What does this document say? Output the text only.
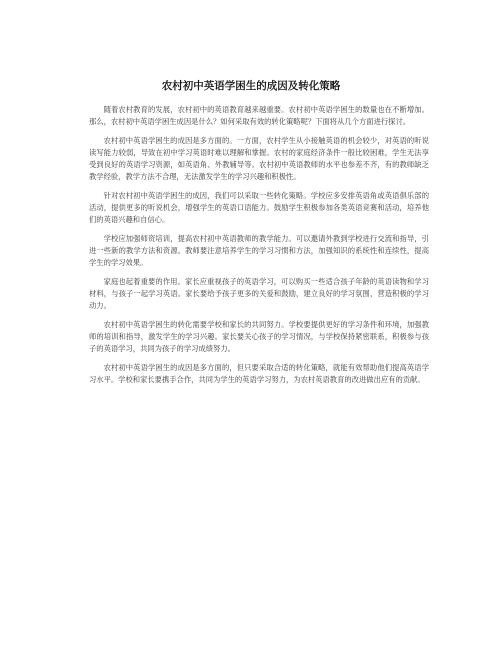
农村初中英语学困生的成因及转化策略

随着农村教育的发展，农村初中的英语教育越来越重要。农村初中英语学困生的数量也在不断增加。那么，农村初中英语学困生成因是什么？如何采取有效的转化策略呢？下面将从几个方面进行探讨。

农村初中英语学困生的成因是多方面的。一方面，农村学生从小接触英语的机会较少，对英语的听说读写能力较弱，导致在初中学习英语时难以理解和掌握。农村的家庭经济条件一般比较困难，学生无法享受到良好的英语学习资源，如英语角、外教辅导等。农村初中英语教师的水平也参差不齐，有的教师缺乏教学经验，教学方法不合理，无法激发学生的学习兴趣和积极性。

针对农村初中英语学困生的成因，我们可以采取一些转化策略。学校应多安排英语角或英语俱乐部的活动，提供更多的听说机会，增强学生的英语口语能力。鼓励学生积极参加各类英语竞赛和活动，培养他们的英语兴趣和自信心。

学校应加强师资培训，提高农村初中英语教师的教学能力。可以邀请外教到学校进行交流和指导，引进一些新的教学方法和资源。教师要注意培养学生的学习习惯和方法，加强知识的系统性和连续性，提高学生的学习效果。

家庭也起着重要的作用。家长应重视孩子的英语学习，可以购买一些适合孩子年龄的英语读物和学习材料，与孩子一起学习英语。家长要给予孩子更多的关爱和鼓励，建立良好的学习氛围，营造积极的学习动力。

农村初中英语学困生的转化需要学校和家长的共同努力。学校要提供更好的学习条件和环境，加强教师的培训和指导，激发学生的学习兴趣。家长要关心孩子的学习情况，与学校保持紧密联系，积极参与孩子的英语学习，共同为孩子的学习成绩努力。

农村初中英语学困生的成因是多方面的，但只要采取合适的转化策略，就能有效帮助他们提高英语学习水平。学校和家长要携手合作，共同为学生的英语学习努力，为农村英语教育的改进做出应有的贡献。
